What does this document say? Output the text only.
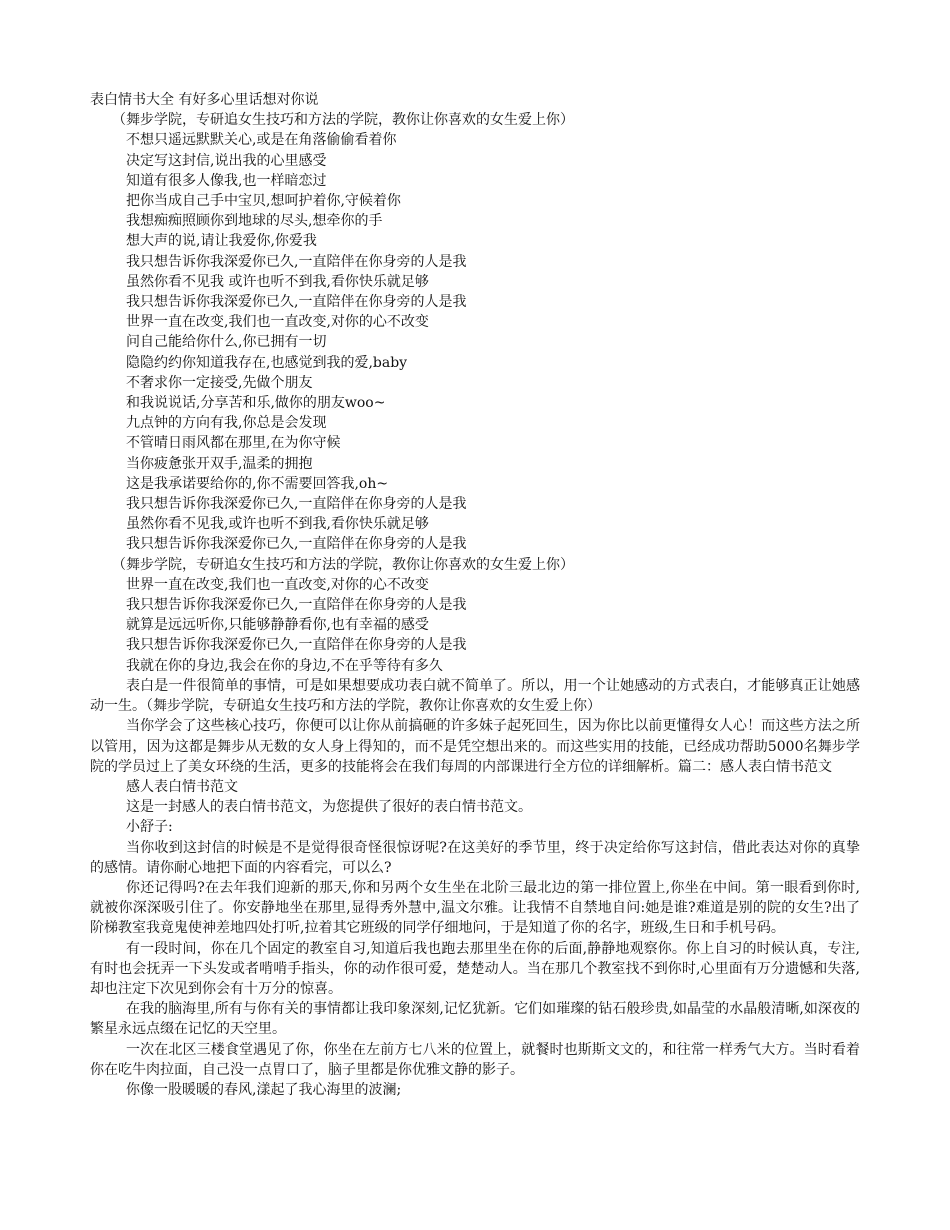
表白情书大全 有好多心里话想对你说
（舞步学院，专研追女生技巧和方法的学院，教你让你喜欢的女生爱上你）
不想只遥远默默关心,或是在角落偷偷看着你
决定写这封信,说出我的心里感受
知道有很多人像我,也一样暗恋过
把你当成自己手中宝贝,想呵护着你,守候着你
我想痴痴照顾你到地球的尽头,想牵你的手
想大声的说,请让我爱你,你爱我
我只想告诉你我深爱你已久,一直陪伴在你身旁的人是我
虽然你看不见我 或许也听不到我,看你快乐就足够
我只想告诉你我深爱你已久,一直陪伴在你身旁的人是我
世界一直在改变,我们也一直改变,对你的心不改变
问自己能给你什么,你已拥有一切
隐隐约约你知道我存在,也感觉到我的爱,baby
不奢求你一定接受,先做个朋友
和我说说话,分享苦和乐,做你的朋友woo~
九点钟的方向有我,你总是会发现
不管晴日雨风都在那里,在为你守候
当你疲惫张开双手,温柔的拥抱
这是我承诺要给你的,你不需要回答我,oh~
我只想告诉你我深爱你已久,一直陪伴在你身旁的人是我
虽然你看不见我,或许也听不到我,看你快乐就足够
我只想告诉你我深爱你已久,一直陪伴在你身旁的人是我
（舞步学院，专研追女生技巧和方法的学院，教你让你喜欢的女生爱上你）
世界一直在改变,我们也一直改变,对你的心不改变
我只想告诉你我深爱你已久,一直陪伴在你身旁的人是我
就算是远远听你,只能够静静看你,也有幸福的感受
我只想告诉你我深爱你已久,一直陪伴在你身旁的人是我
我就在你的身边,我会在你的身边,不在乎等待有多久
表白是一件很简单的事情，可是如果想要成功表白就不简单了。所以，用一个让她感动的方式表白，才能够真正让她感动一生。（舞步学院，专研追女生技巧和方法的学院，教你让你喜欢的女生爱上你）
当你学会了这些核心技巧，你便可以让你从前搞砸的许多妹子起死回生，因为你比以前更懂得女人心！而这些方法之所以管用，因为这都是舞步从无数的女人身上得知的，而不是凭空想出来的。而这些实用的技能，已经成功帮助5000名舞步学院的学员过上了美女环绕的生活，更多的技能将会在我们每周的内部课进行全方位的详细解析。篇二：感人表白情书范文
感人表白情书范文
这是一封感人的表白情书范文，为您提供了很好的表白情书范文。
小舒子:
当你收到这封信的时候是不是觉得很奇怪很惊讶呢?在这美好的季节里，终于决定给你写这封信，借此表达对你的真挚的感情。请你耐心地把下面的内容看完，可以么?
你还记得吗?在去年我们迎新的那天,你和另两个女生坐在北阶三最北边的第一排位置上,你坐在中间。第一眼看到你时,就被你深深吸引住了。你安静地坐在那里,显得秀外慧中,温文尔雅。让我情不自禁地自问:她是谁?难道是别的院的女生?出了阶梯教室我竟鬼使神差地四处打听,拉着其它班级的同学仔细地问，于是知道了你的名字，班级,生日和手机号码。
有一段时间，你在几个固定的教室自习,知道后我也跑去那里坐在你的后面,静静地观察你。你上自习的时候认真，专注,有时也会抚弄一下头发或者啃啃手指头，你的动作很可爱，楚楚动人。当在那几个教室找不到你时,心里面有万分遗憾和失落,却也注定下次见到你会有十万分的惊喜。
在我的脑海里,所有与你有关的事情都让我印象深刻,记忆犹新。它们如璀璨的钻石般珍贵,如晶莹的水晶般清晰,如深夜的繁星永远点缀在记忆的天空里。
一次在北区三楼食堂遇见了你，你坐在左前方七八米的位置上，就餐时也斯斯文文的，和往常一样秀气大方。当时看着你在吃牛肉拉面，自己没一点胃口了，脑子里都是你优雅文静的影子。
你像一股暖暖的春风,漾起了我心海里的波澜;
